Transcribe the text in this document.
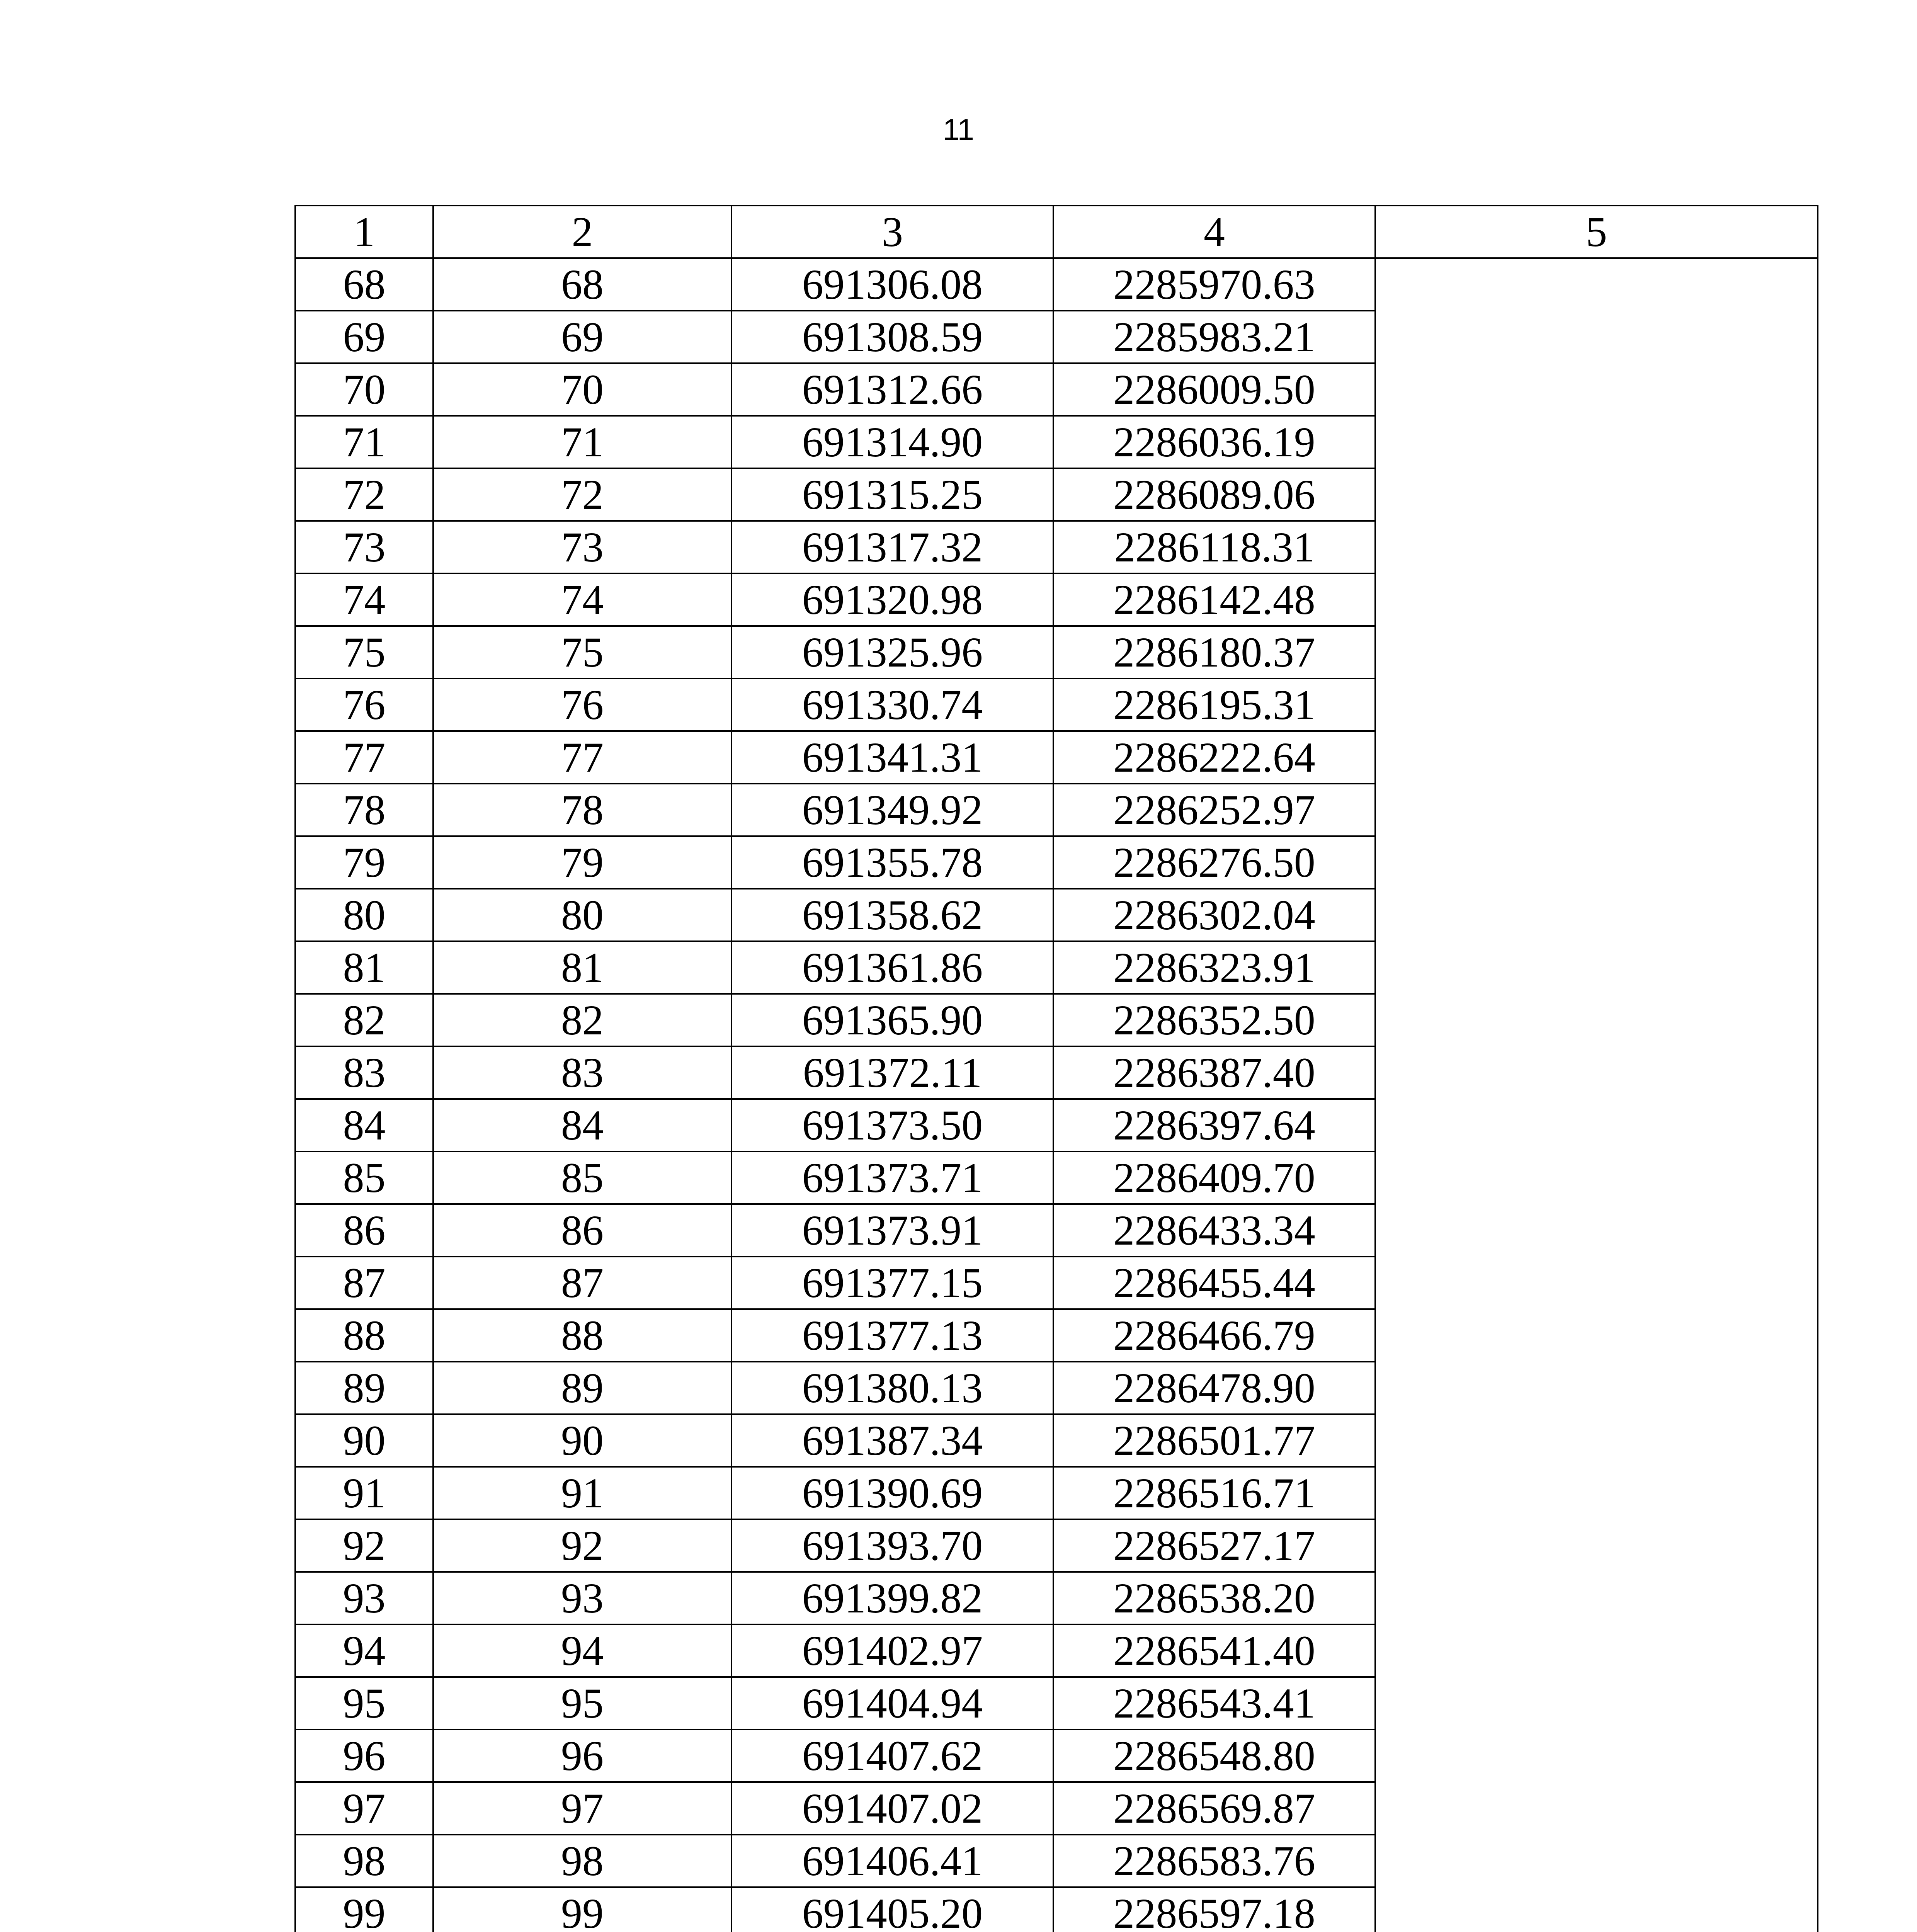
11
1	2	3	4	5
68	68	691306.08	2285970.63	
69	69	691308.59	2285983.21	
70	70	691312.66	2286009.50	
71	71	691314.90	2286036.19	
72	72	691315.25	2286089.06	
73	73	691317.32	2286118.31	
74	74	691320.98	2286142.48	
75	75	691325.96	2286180.37	
76	76	691330.74	2286195.31	
77	77	691341.31	2286222.64	
78	78	691349.92	2286252.97	
79	79	691355.78	2286276.50	
80	80	691358.62	2286302.04	
81	81	691361.86	2286323.91	
82	82	691365.90	2286352.50	
83	83	691372.11	2286387.40	
84	84	691373.50	2286397.64	
85	85	691373.71	2286409.70	
86	86	691373.91	2286433.34	
87	87	691377.15	2286455.44	
88	88	691377.13	2286466.79	
89	89	691380.13	2286478.90	
90	90	691387.34	2286501.77	
91	91	691390.69	2286516.71	
92	92	691393.70	2286527.17	
93	93	691399.82	2286538.20	
94	94	691402.97	2286541.40	
95	95	691404.94	2286543.41	
96	96	691407.62	2286548.80	
97	97	691407.02	2286569.87	
98	98	691406.41	2286583.76	
99	99	691405.20	2286597.18	
